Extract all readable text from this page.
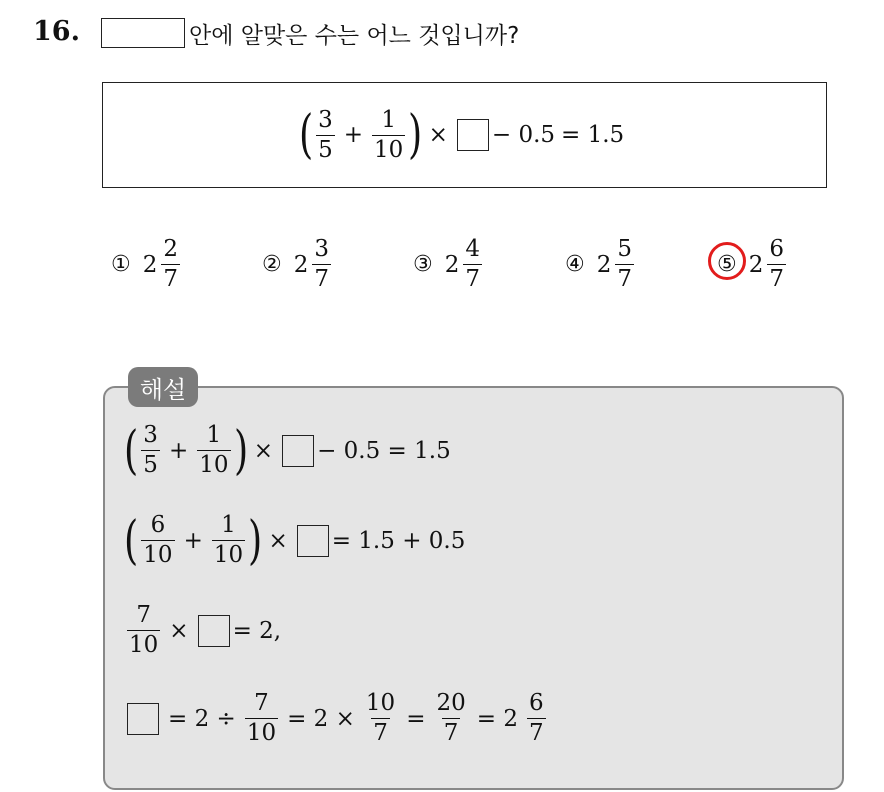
16.	안에 알맞은 수는 어느 것입니까?
( $\frac{3}{5} + \frac{1}{10}$ ) × − 0.5 = 1.5
① $2 \frac{2}{7}$	② $2 \frac{3}{7}$	③ $2 \frac{4}{7}$	④ $2 \frac{5}{7}$	⑤ $2 \frac{6}{7}$
해설
( $\frac{3}{5} + \frac{1}{10}$ ) × − 0.5 = 1.5
( $\frac{6}{10} + \frac{1}{10}$ ) × = 1.5 + 0.5
$\frac{7}{10}$ × = 2,
= $2 \div \frac{7}{10} = 2 \times \frac{10}{7} = \frac{20}{7} = 2 \frac{6}{7}$
